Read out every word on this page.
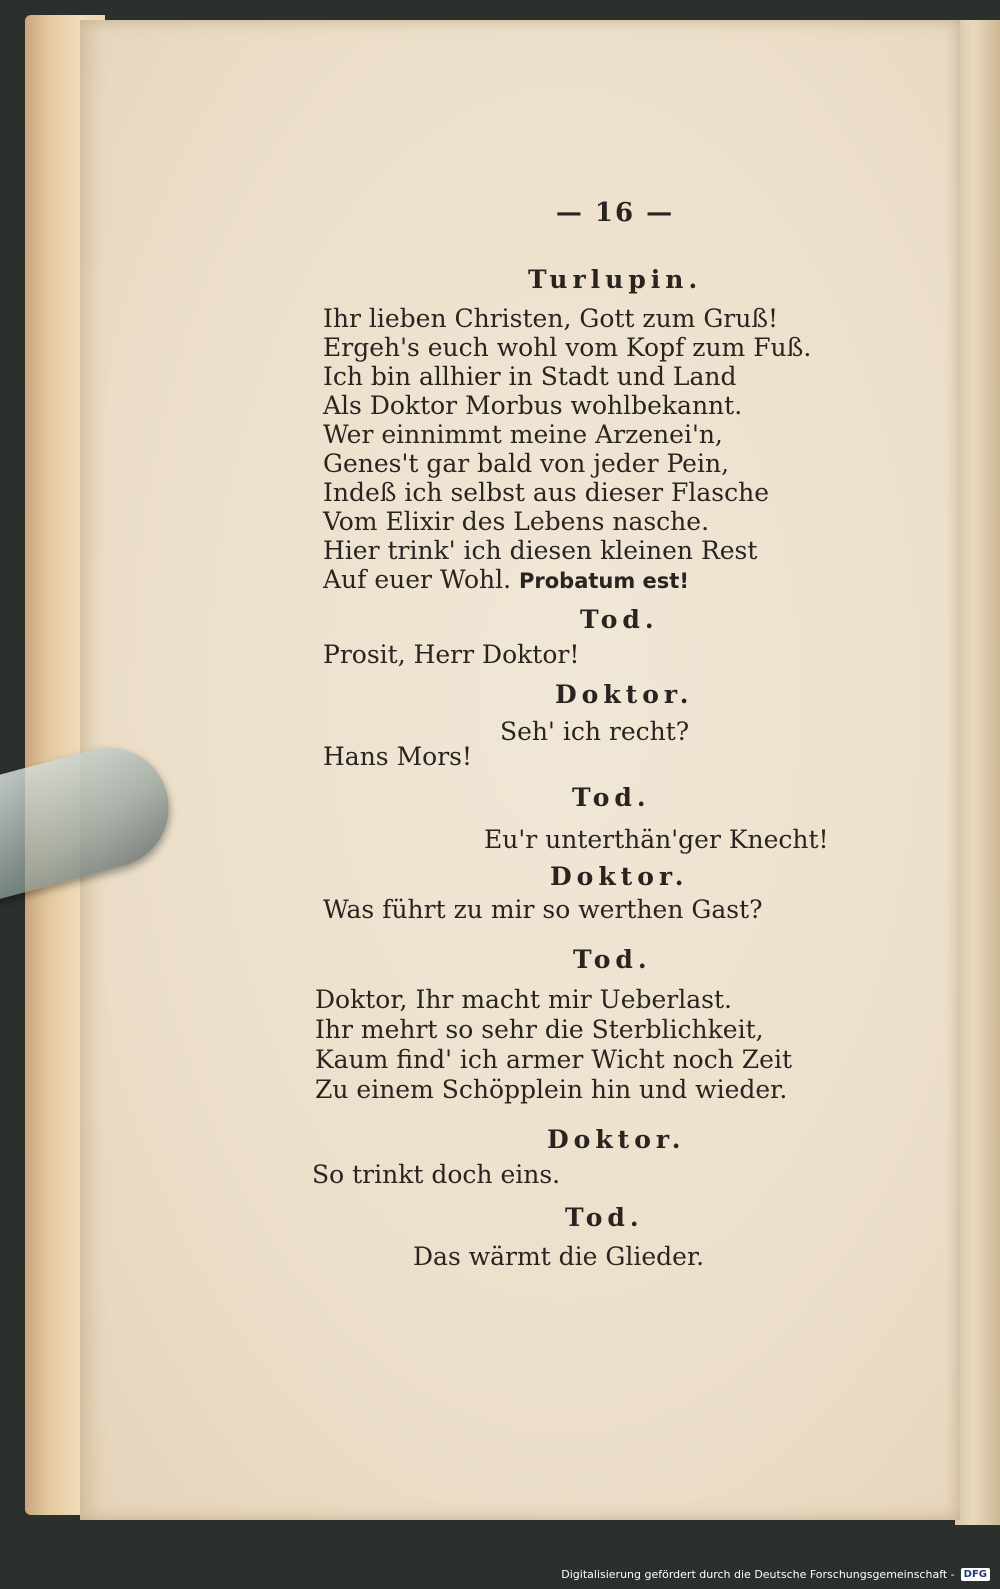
— 16 —
Turlupin.
Ihr lieben Christen, Gott zum Gruß!
Ergeh's euch wohl vom Kopf zum Fuß.
Ich bin allhier in Stadt und Land
Als Doktor Morbus wohlbekannt.
Wer einnimmt meine Arzenei'n,
Genes't gar bald von jeder Pein,
Indeß ich selbst aus dieser Flasche
Vom Elixir des Lebens nasche.
Hier trink' ich diesen kleinen Rest
Auf euer Wohl. Probatum est!
Tod.
Prosit, Herr Doktor!
Doktor.
Seh' ich recht?
Hans Mors!
Tod.
Eu'r unterthän'ger Knecht!
Doktor.
Was führt zu mir so werthen Gast?
Tod.
Doktor, Ihr macht mir Ueberlast.
Ihr mehrt so sehr die Sterblichkeit,
Kaum find' ich armer Wicht noch Zeit
Zu einem Schöpplein hin und wieder.
Doktor.
So trinkt doch eins.
Tod.
Das wärmt die Glieder.
Digitalisierung gefördert durch die Deutsche Forschungsgemeinschaft - DFG
